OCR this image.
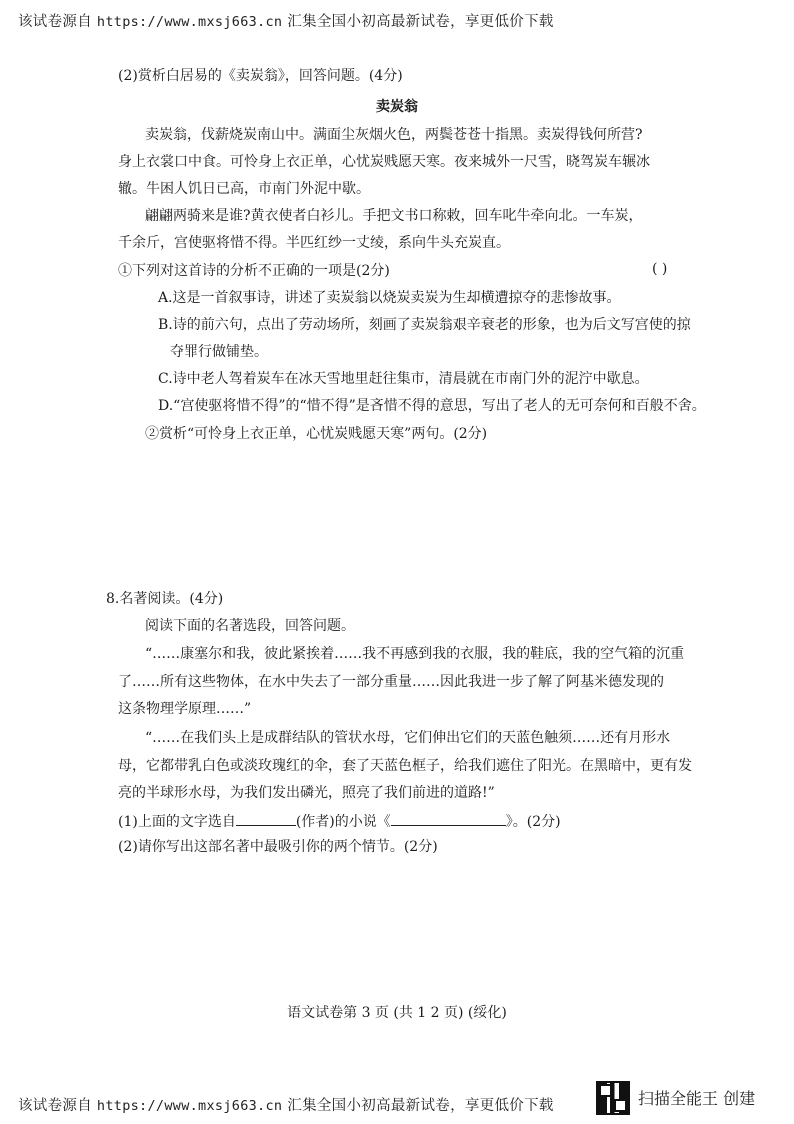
该试卷源自 https://www.mxsj663.cn 汇集全国小初高最新试卷，享更低价下载
(2)赏析白居易的《卖炭翁》，回答问题。(4分)
卖炭翁
卖炭翁，伐薪烧炭南山中。满面尘灰烟火色，两鬓苍苍十指黑。卖炭得钱何所营?
身上衣裳口中食。可怜身上衣正单，心忧炭贱愿天寒。夜来城外一尺雪，晓驾炭车辗冰
辙。牛困人饥日已高，市南门外泥中歇。
翩翩两骑来是谁?黄衣使者白衫儿。手把文书口称敕，回车叱牛牵向北。一车炭，
千余斤，宫使驱将惜不得。半匹红纱一丈绫，系向牛头充炭直。
①下列对这首诗的分析不正确的一项是(2分)	( )
A.这是一首叙事诗，讲述了卖炭翁以烧炭卖炭为生却横遭掠夺的悲惨故事。
B.诗的前六句，点出了劳动场所，刻画了卖炭翁艰辛衰老的形象，也为后文写宫使的掠
夺罪行做铺垫。
C.诗中老人驾着炭车在冰天雪地里赶往集市，清晨就在市南门外的泥泞中歇息。
D.“宫使驱将惜不得”的“惜不得”是吝惜不得的意思，写出了老人的无可奈何和百般不舍。
②赏析“可怜身上衣正单，心忧炭贱愿天寒”两句。(2分)
8.名著阅读。(4分)
阅读下面的名著选段，回答问题。
“……康塞尔和我，彼此紧挨着……我不再感到我的衣服，我的鞋底，我的空气箱的沉重
了……所有这些物体，在水中失去了一部分重量……因此我进一步了解了阿基米德发现的
这条物理学原理……”
“……在我们头上是成群结队的管状水母，它们伸出它们的天蓝色触须……还有月形水
母，它都带乳白色或淡玫瑰红的伞，套了天蓝色框子，给我们遮住了阳光。在黑暗中，更有发
亮的半球形水母，为我们发出磷光，照亮了我们前进的道路!”
(1)上面的文字选自	(作者)的小说《	》。(2分)
(2)请你写出这部名著中最吸引你的两个情节。(2分)
语文试卷第 3 页 (共 1 2 页) (绥化)
该试卷源自 https://www.mxsj663.cn 汇集全国小初高最新试卷，享更低价下载	扫描全能王 创建
